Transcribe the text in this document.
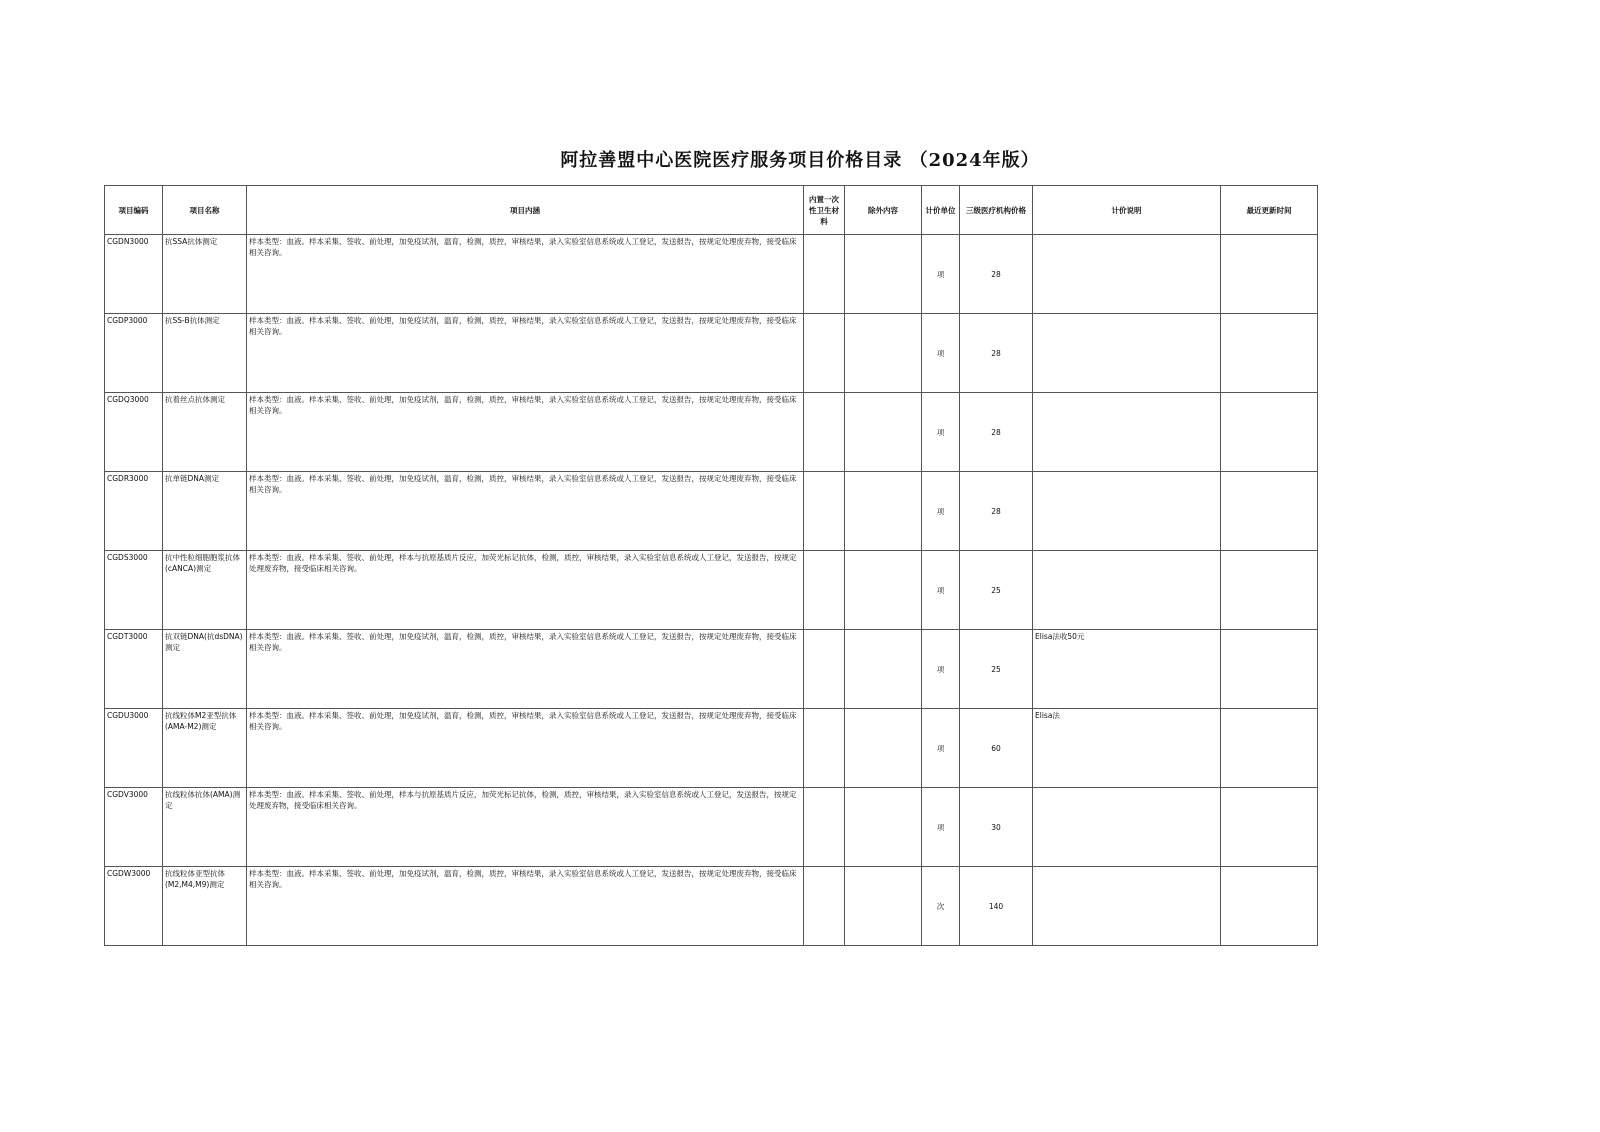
阿拉善盟中心医院医疗服务项目价格目录 （2024年版）
项目编码	项目名称	项目内涵	内置一次性卫生材料	除外内容	计价单位	三级医疗机构价格	计价说明	最近更新时间
CGDN3000	抗SSA抗体测定	样本类型：血液。样本采集、签收、前处理，加免疫试剂，温育，检测，质控，审核结果，录入实验室信息系统或人工登记，发送报告，按规定处理废弃物，接受临床相关咨询。			项	28		
CGDP3000	抗SS-B抗体测定	样本类型：血液。样本采集、签收、前处理，加免疫试剂，温育，检测，质控，审核结果，录入实验室信息系统或人工登记，发送报告，按规定处理废弃物，接受临床相关咨询。			项	28		
CGDQ3000	抗着丝点抗体测定	样本类型：血液。样本采集、签收、前处理，加免疫试剂，温育，检测，质控，审核结果，录入实验室信息系统或人工登记，发送报告，按规定处理废弃物，接受临床相关咨询。			项	28		
CGDR3000	抗单链DNA测定	样本类型：血液。样本采集、签收、前处理，加免疫试剂，温育，检测，质控，审核结果，录入实验室信息系统或人工登记，发送报告，按规定处理废弃物，接受临床相关咨询。			项	28		
CGDS3000	抗中性粒细胞胞浆抗体(cANCA)测定	样本类型：血液。样本采集、签收、前处理，样本与抗原基质片反应，加荧光标记抗体，检测，质控，审核结果，录入实验室信息系统或人工登记，发送报告，按规定处理废弃物，接受临床相关咨询。			项	25		
CGDT3000	抗双链DNA(抗dsDNA)测定	样本类型：血液。样本采集、签收、前处理，加免疫试剂，温育，检测，质控，审核结果，录入实验室信息系统或人工登记，发送报告，按规定处理废弃物，接受临床相关咨询。			项	25	Elisa法收50元	
CGDU3000	抗线粒体M2亚型抗体(AMA-M2)测定	样本类型：血液。样本采集、签收、前处理，加免疫试剂，温育，检测，质控，审核结果，录入实验室信息系统或人工登记，发送报告，按规定处理废弃物，接受临床相关咨询。			项	60	Elisa法	
CGDV3000	抗线粒体抗体(AMA)测定	样本类型：血液。样本采集、签收、前处理，样本与抗原基质片反应，加荧光标记抗体，检测，质控，审核结果，录入实验室信息系统或人工登记，发送报告，按规定处理废弃物，接受临床相关咨询。			项	30		
CGDW3000	抗线粒体亚型抗体(M2,M4,M9)测定	样本类型：血液。样本采集、签收、前处理，加免疫试剂，温育，检测，质控，审核结果，录入实验室信息系统或人工登记，发送报告，按规定处理废弃物，接受临床相关咨询。			次	140		
